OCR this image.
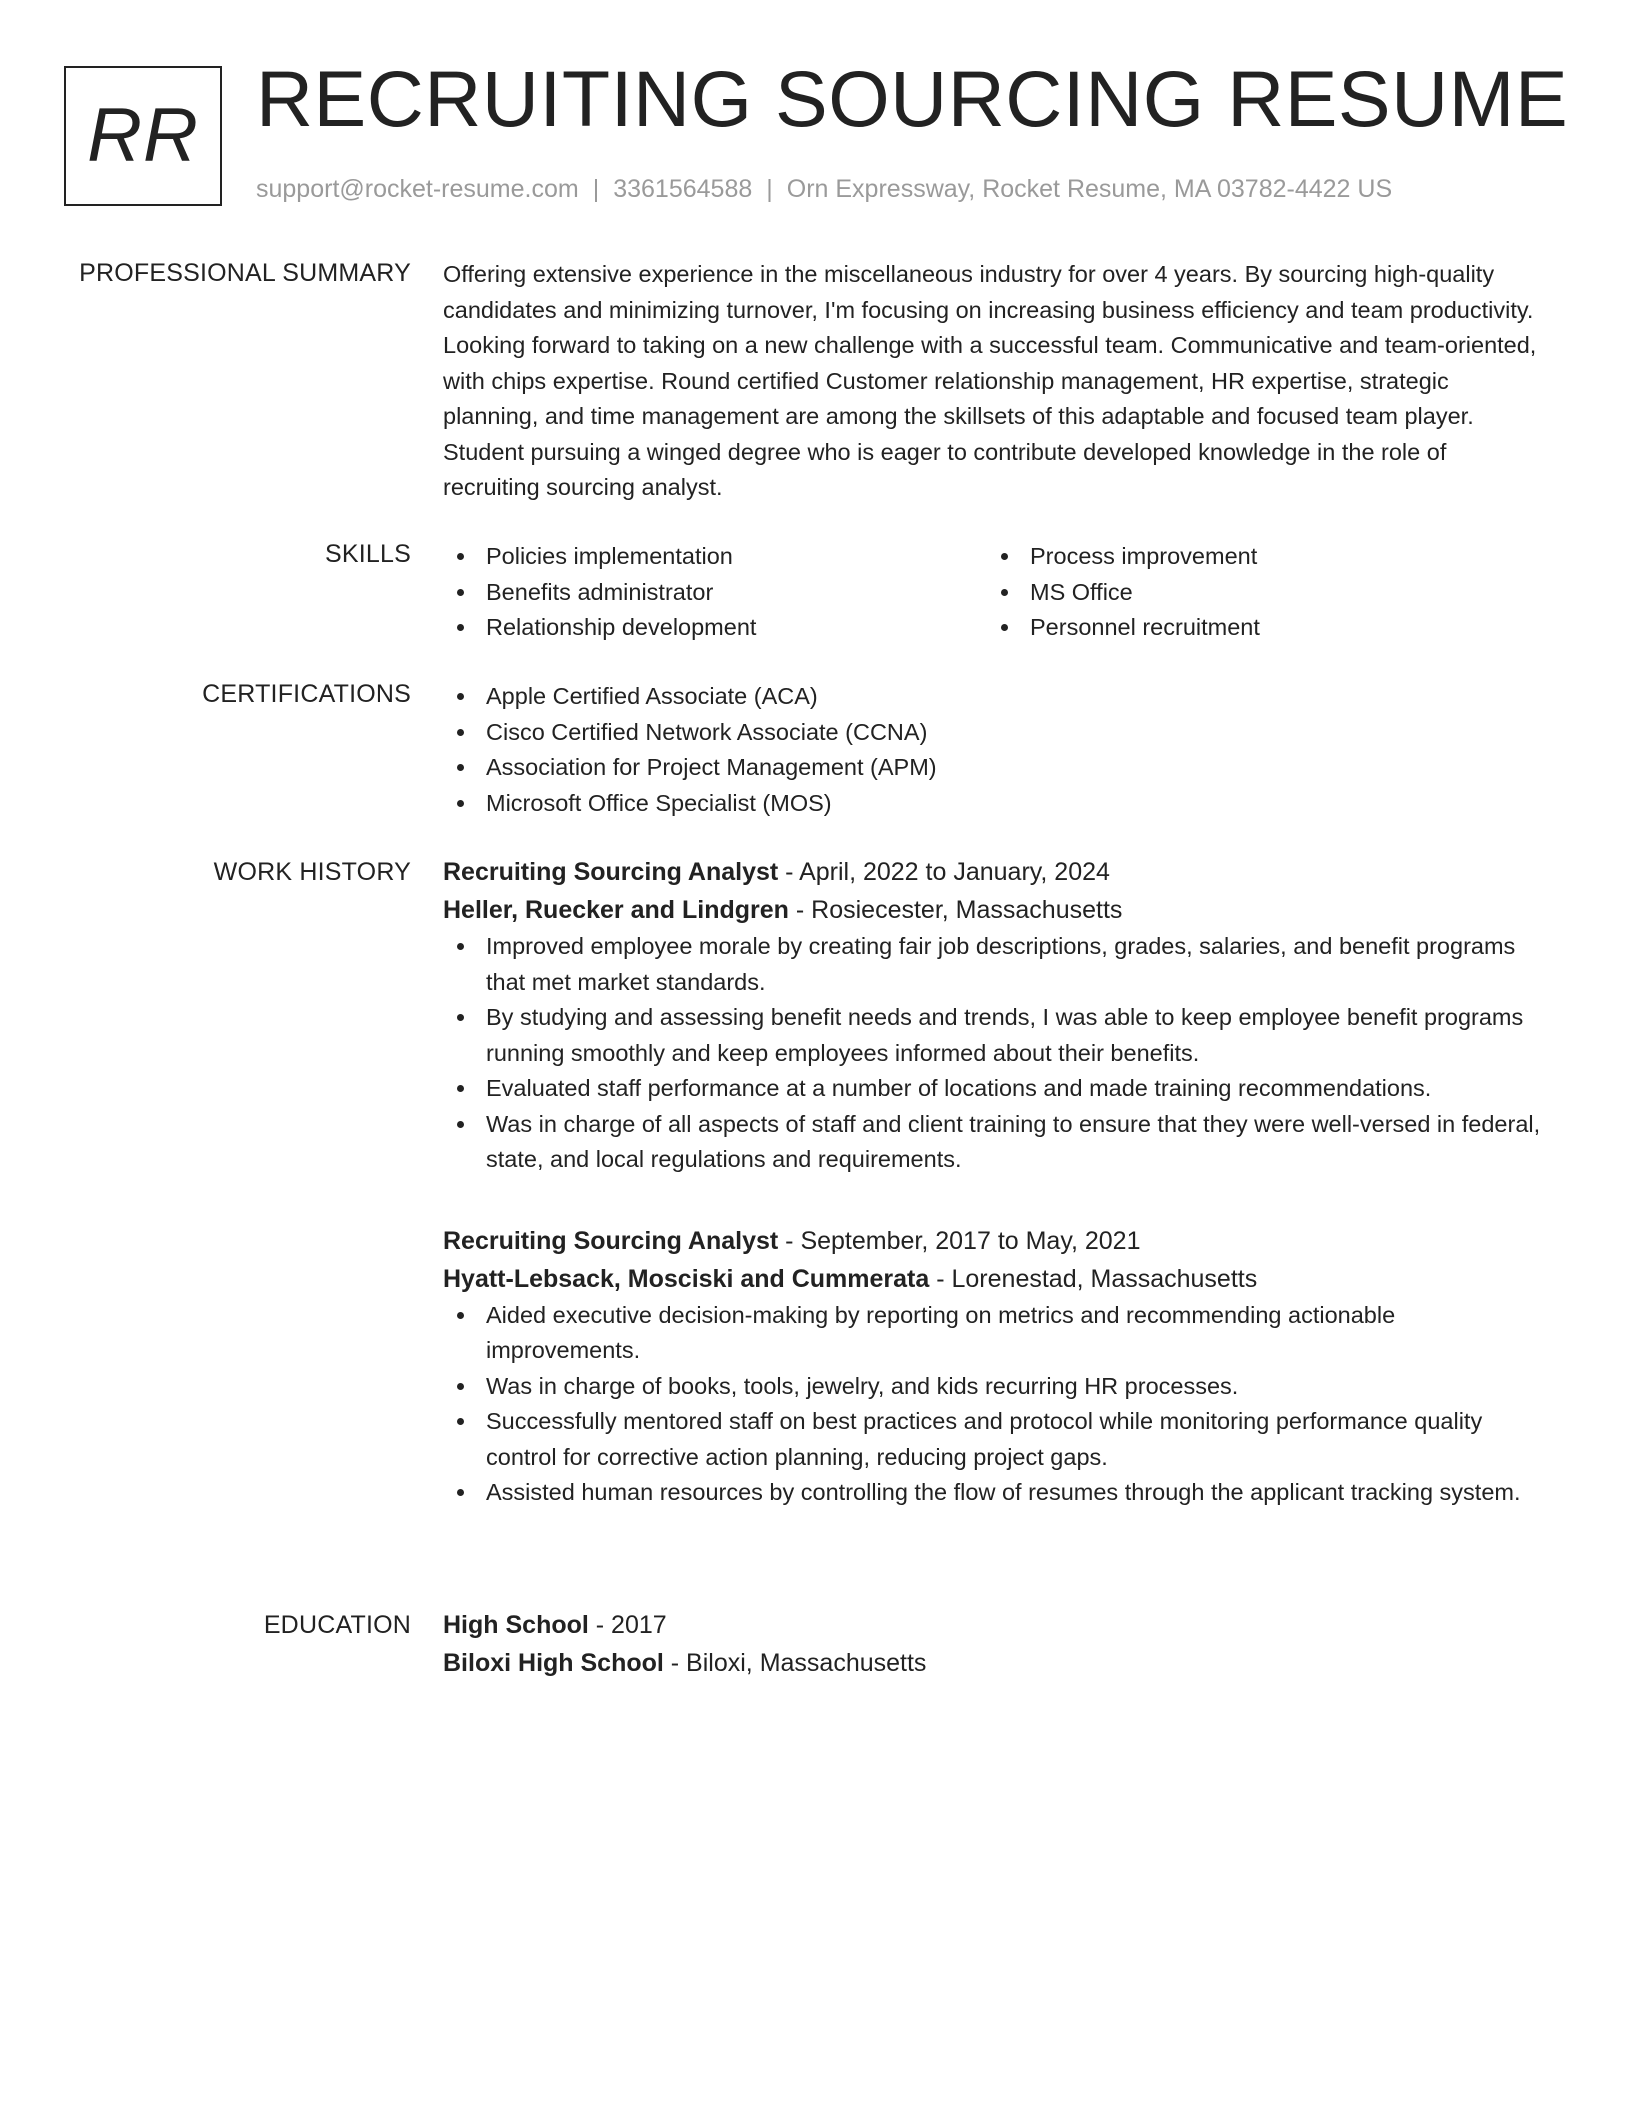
RR RECRUITING SOURCING RESUME
support@rocket-resume.com | 3361564588 | Orn Expressway, Rocket Resume, MA 03782-4422 US
PROFESSIONAL SUMMARY Offering extensive experience in the miscellaneous industry for over 4 years. By sourcing high-quality candidates and minimizing turnover, I'm focusing on increasing business efficiency and team productivity. Looking forward to taking on a new challenge with a successful team. Communicative and team-oriented, with chips expertise. Round certified Customer relationship management, HR expertise, strategic planning, and time management are among the skillsets of this adaptable and focused team player. Student pursuing a winged degree who is eager to contribute developed knowledge in the role of recruiting sourcing analyst.

SKILLS	Policies implementation
Benefits administrator
Relationship development
Process improvement
MS Office
Personnel recruitment
CERTIFICATIONS	Apple Certified Associate (ACA)
Cisco Certified Network Associate (CCNA)
Association for Project Management (APM)
Microsoft Office Specialist (MOS)
WORK HISTORY Recruiting Sourcing Analyst - April, 2022 to January, 2024
Heller, Ruecker and Lindgren - Rosiecester, Massachusetts
Improved employee morale by creating fair job descriptions, grades, salaries, and benefit programs that met market standards.
By studying and assessing benefit needs and trends, I was able to keep employee benefit programs running smoothly and keep employees informed about their benefits.
Evaluated staff performance at a number of locations and made training recommendations.
Was in charge of all aspects of staff and client training to ensure that they were well-versed in federal, state, and local regulations and requirements.
Recruiting Sourcing Analyst - September, 2017 to May, 2021
Hyatt-Lebsack, Mosciski and Cummerata - Lorenestad, Massachusetts
Aided executive decision-making by reporting on metrics and recommending actionable improvements.
Was in charge of books, tools, jewelry, and kids recurring HR processes.
Successfully mentored staff on best practices and protocol while monitoring performance quality control for corrective action planning, reducing project gaps.
Assisted human resources by controlling the flow of resumes through the applicant tracking system.
EDUCATION High School - 2017
Biloxi High School - Biloxi, Massachusetts
